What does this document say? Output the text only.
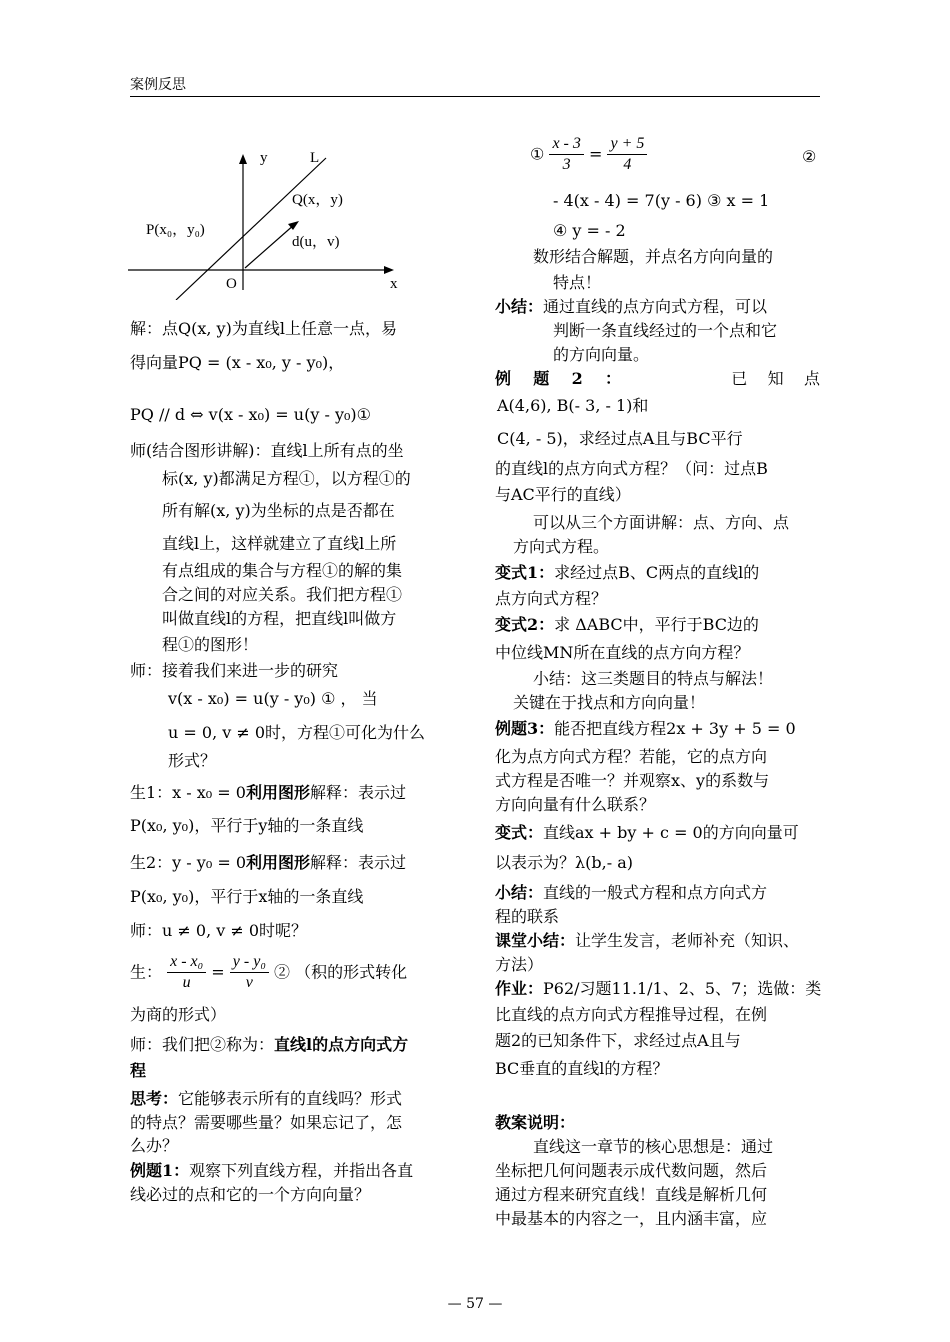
案例反思
y	L
Q(x，y)
P(x₀，y₀)
d(u，v)
O	x
解：点Q(x, y)为直线l上任意一点，易
得向量PQ = (x - x₀, y - y₀)，
PQ // d ⇔ v(x - x₀) = u(y - y₀)①
师(结合图形讲解)：直线l上所有点的坐
标(x, y)都满足方程①，以方程①的
所有解(x, y)为坐标的点是否都在
直线l上，这样就建立了直线l上所
有点组成的集合与方程①的解的集
合之间的对应关系。我们把方程①
叫做直线l的方程，把直线l叫做方
程①的图形！
师：接着我们来进一步的研究
v(x - x₀) = u(y - y₀) ① ， 当
u = 0, v ≠ 0时，方程①可化为什么
形式？
生1：x - x₀ = 0利用图形解释：表示过
P(x₀, y₀)，平行于y轴的一条直线
生2：y - y₀ = 0利用图形解释：表示过
P(x₀, y₀)，平行于x轴的一条直线
师：u ≠ 0, v ≠ 0时呢？
生： $\frac{\text{x - x₀}}{u} = \frac{\text{y - y₀}}{v}$ ② （积的形式转化
为商的形式）
师：我们把②称为：直线l的点方向式方
程
思考：它能够表示所有的直线吗？形式
的特点？需要哪些量？如果忘记了，怎
么办？
例题1：观察下列直线方程，并指出各直
线必过的点和它的一个方向向量？
① $\frac{x - 3}{3} = \frac{y + 5}{4}$	②
- 4(x - 4) = 7(y - 6) ③ x = 1
④ y = - 2
数形结合解题，并点名方向向量的
特点！
小结：通过直线的点方向式方程，可以
判断一条直线经过的一个点和它
的方向向量。
例    题    2    ：	已    知    点
A(4,6), B(- 3, - 1)和
C(4, - 5)，求经过点A且与BC平行
的直线l的点方向式方程？（问：过点B
与AC平行的直线）
可以从三个方面讲解：点、方向、点
方向式方程。
变式1：求经过点B、C两点的直线l的
点方向式方程？
变式2：求 ΔABC中，平行于BC边的
中位线MN所在直线的点方向方程？
小结：这三类题目的特点与解法！
关键在于找点和方向向量！
例题3：能否把直线方程2x + 3y + 5 = 0
化为点方向式方程？若能，它的点方向
式方程是否唯一？并观察x、y的系数与
方向向量有什么联系？
变式：直线ax + by + c = 0的方向向量可
以表示为？λ(b,- a)
小结：直线的一般式方程和点方向式方
程的联系
课堂小结：让学生发言，老师补充（知识、
方法）
作业：P62/习题11.1/1、2、5、7；选做：类
比直线的点方向式方程推导过程，在例
题2的已知条件下，求经过点A且与
BC垂直的直线l的方程？
教案说明：
直线这一章节的核心思想是：通过
坐标把几何问题表示成代数问题，然后
通过方程来研究直线！直线是解析几何
中最基本的内容之一，且内涵丰富，应
— 57 —
